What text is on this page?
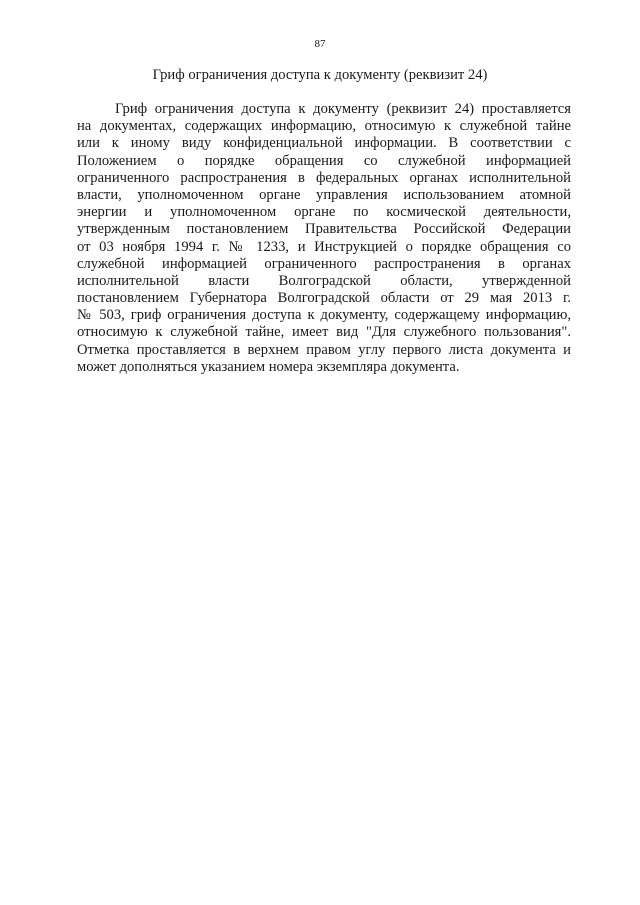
87
Гриф ограничения доступа к документу (реквизит 24)
Гриф ограничения доступа к документу (реквизит 24) проставляется
на документах, содержащих информацию, относимую к служебной тайне
или к иному виду конфиденциальной информации. В соответствии с
Положением о порядке обращения со служебной информацией
ограниченного распространения в федеральных органах исполнительной
власти, уполномоченном органе управления использованием атомной
энергии и уполномоченном органе по космической деятельности,
утвержденным постановлением Правительства Российской Федерации
от 03 ноября 1994 г. № 1233, и Инструкцией о порядке обращения со
служебной информацией ограниченного распространения в органах
исполнительной власти Волгоградской области, утвержденной
постановлением Губернатора Волгоградской области от 29 мая 2013 г.
№ 503, гриф ограничения доступа к документу, содержащему информацию,
относимую к служебной тайне, имеет вид "Для служебного пользования".
Отметка проставляется в верхнем правом углу первого листа документа и
может дополняться указанием номера экземпляра документа.
